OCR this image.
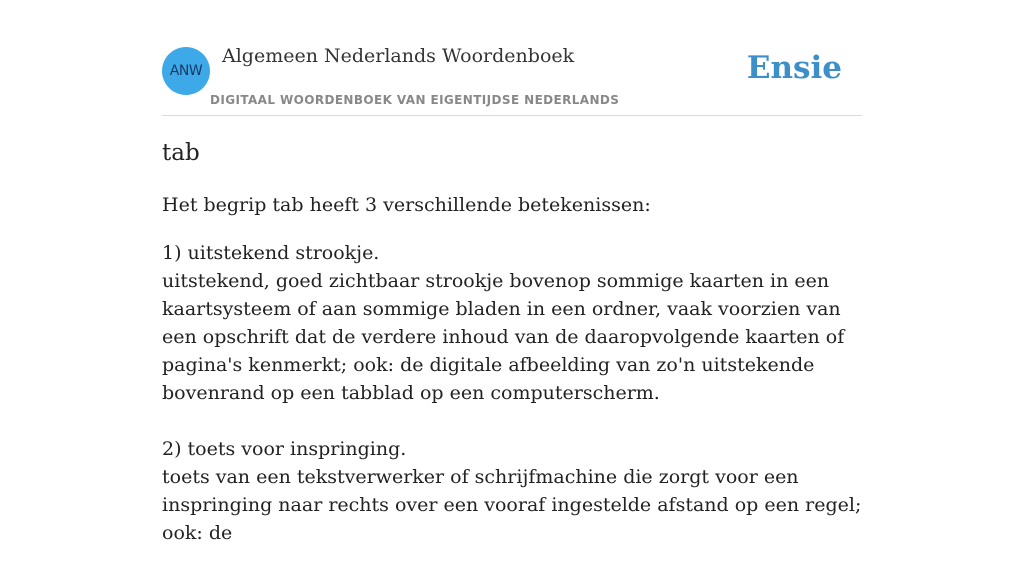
ANW
Algemeen Nederlands Woordenboek
DIGITAAL WOORDENBOEK VAN EIGENTIJDSE NEDERLANDS
Ensie
tab

Het begrip tab heeft 3 verschillende betekenissen:

1) uitstekend strookje.
uitstekend, goed zichtbaar strookje bovenop sommige kaarten in een kaartsysteem of aan sommige bladen in een ordner, vaak voorzien van een opschrift dat de verdere inhoud van de daaropvolgende kaarten of pagina's kenmerkt; ook: de digitale afbeelding van zo'n uitstekende bovenrand op een tabblad op een computerscherm.
2) toets voor inspringing.
toets van een tekstverwerker of schrijfmachine die zorgt voor een inspringing naar rechts over een vooraf ingestelde afstand op een regel; ook: de
